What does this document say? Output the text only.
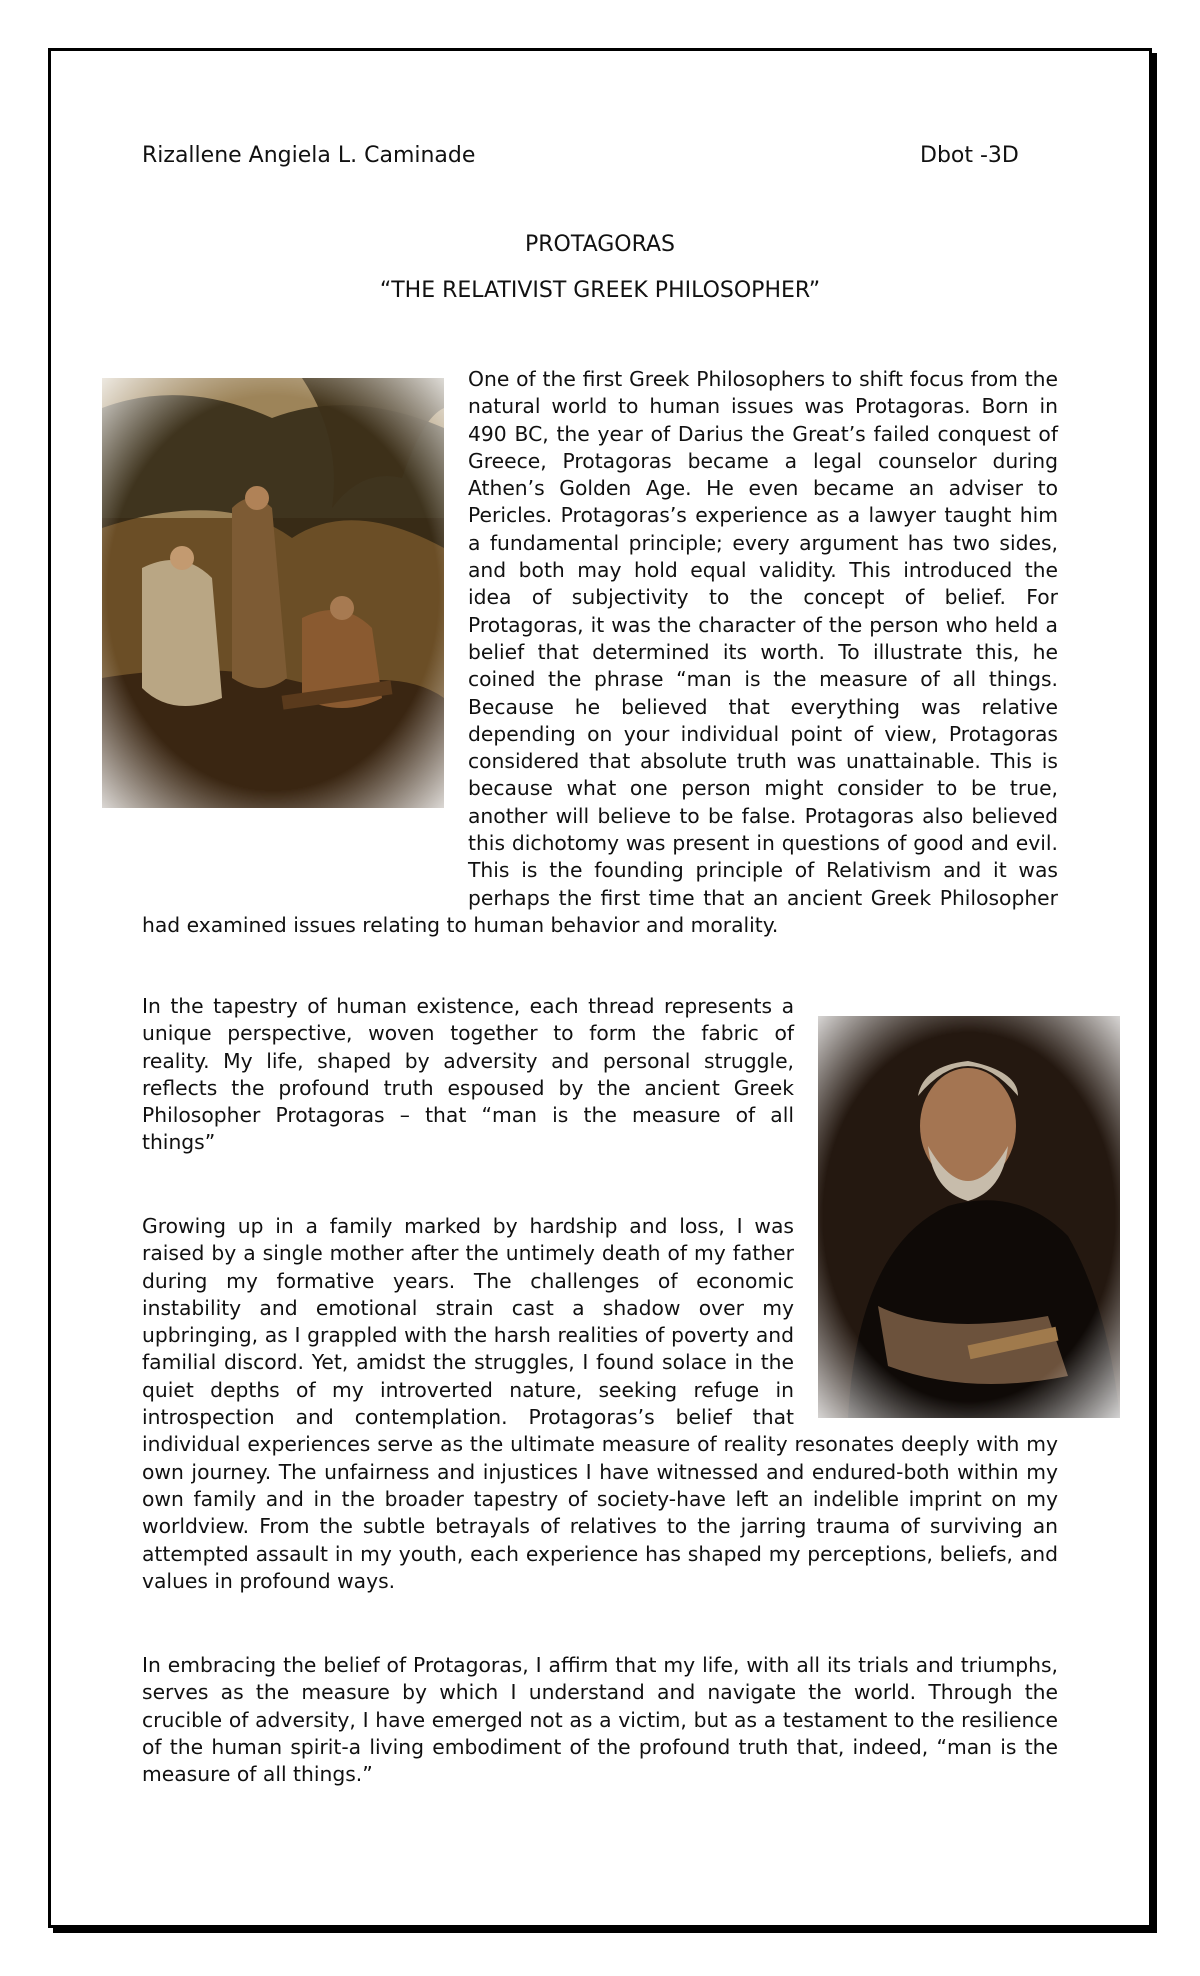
Rizallene Angiela L. Caminade	Dbot -3D
PROTAGORAS
“THE RELATIVIST GREEK PHILOSOPHER”
One of the first Greek Philosophers to shift focus from the natural world to human issues was Protagoras. Born in 490 BC, the year of Darius the Great’s failed conquest of Greece, Protagoras became a legal counselor during Athen’s Golden Age. He even became an adviser to Pericles. Protagoras’s experience as a lawyer taught him a fundamental principle; every argument has two sides, and both may hold equal validity. This introduced the idea of subjectivity to the concept of belief. For Protagoras, it was the character of the person who held a belief that determined its worth. To illustrate this, he coined the phrase “man is the measure of all things. Because he believed that everything was relative depending on your individual point of view, Protagoras considered that absolute truth was unattainable. This is because what one person might consider to be true, another will believe to be false. Protagoras also believed this dichotomy was present in questions of good and evil. This is the founding principle of Relativism and it was perhaps the first time that an ancient Greek Philosopher had examined issues relating to human behavior and morality.
In the tapestry of human existence, each thread represents a unique perspective, woven together to form the fabric of reality. My life, shaped by adversity and personal struggle, reflects the profound truth espoused by the ancient Greek Philosopher Protagoras – that “man is the measure of all things”
Growing up in a family marked by hardship and loss, I was raised by a single mother after the untimely death of my father during my formative years. The challenges of economic instability and emotional strain cast a shadow over my upbringing, as I grappled with the harsh realities of poverty and familial discord. Yet, amidst the struggles, I found solace in the quiet depths of my introverted nature, seeking refuge in introspection and contemplation. Protagoras’s belief that individual experiences serve as the ultimate measure of reality resonates deeply with my own journey. The unfairness and injustices I have witnessed and endured-both within my own family and in the broader tapestry of society-have left an indelible imprint on my worldview. From the subtle betrayals of relatives to the jarring trauma of surviving an attempted assault in my youth, each experience has shaped my perceptions, beliefs, and values in profound ways.
In embracing the belief of Protagoras, I affirm that my life, with all its trials and triumphs, serves as the measure by which I understand and navigate the world. Through the crucible of adversity, I have emerged not as a victim, but as a testament to the resilience of the human spirit-a living embodiment of the profound truth that, indeed, “man is the measure of all things.”
